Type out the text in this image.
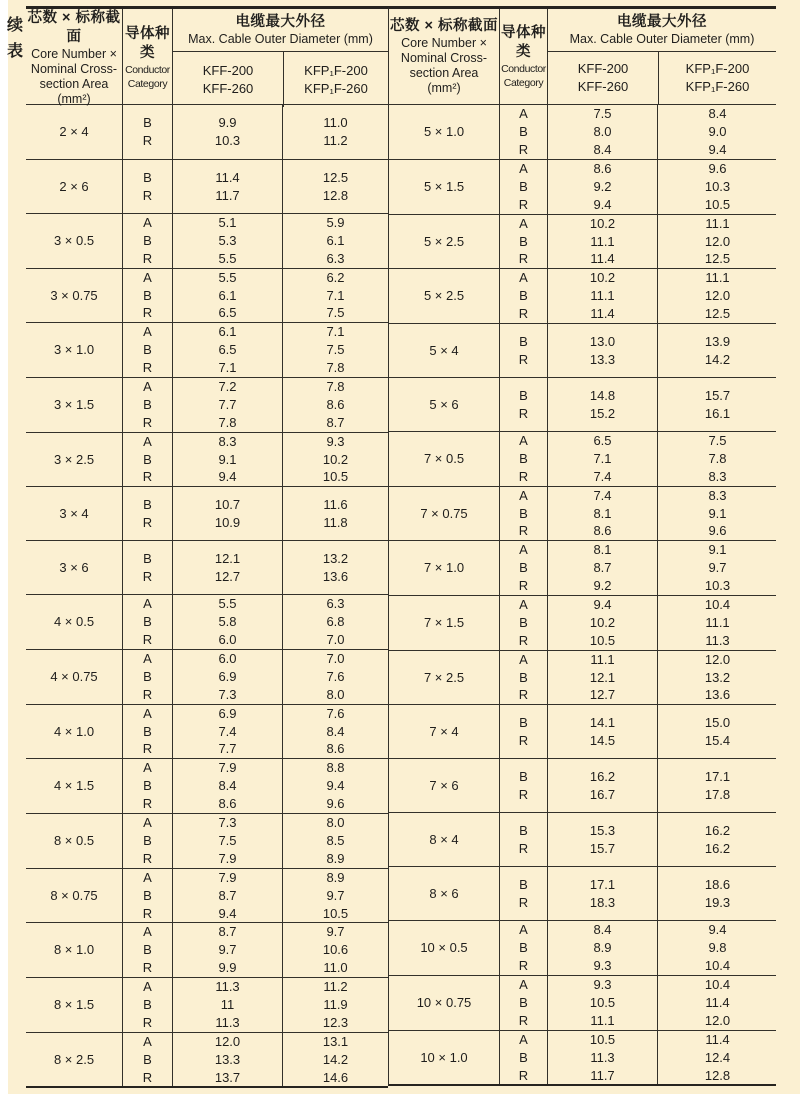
续
表
芯数 × 标称截面
Core Number ×
Nominal Cross-
section Area
(mm²)
导体种
类
Conductor
Category
电缆最大外径
Max. Cable Outer Diameter (mm)
KFF-200
KFF-260
KFP₁F-200
KFP₁F-260
2 × 4
B
R
9.9
10.3
11.0
11.2
2 × 6
B
R
11.4
11.7
12.5
12.8
3 × 0.5
A
B
R
5.1
5.3
5.5
5.9
6.1
6.3
3 × 0.75
A
B
R
5.5
6.1
6.5
6.2
7.1
7.5
3 × 1.0
A
B
R
6.1
6.5
7.1
7.1
7.5
7.8
3 × 1.5
A
B
R
7.2
7.7
7.8
7.8
8.6
8.7
3 × 2.5
A
B
R
8.3
9.1
9.4
9.3
10.2
10.5
3 × 4
B
R
10.7
10.9
11.6
11.8
3 × 6
B
R
12.1
12.7
13.2
13.6
4 × 0.5
A
B
R
5.5
5.8
6.0
6.3
6.8
7.0
4 × 0.75
A
B
R
6.0
6.9
7.3
7.0
7.6
8.0
4 × 1.0
A
B
R
6.9
7.4
7.7
7.6
8.4
8.6
4 × 1.5
A
B
R
7.9
8.4
8.6
8.8
9.4
9.6
8 × 0.5
A
B
R
7.3
7.5
7.9
8.0
8.5
8.9
8 × 0.75
A
B
R
7.9
8.7
9.4
8.9
9.7
10.5
8 × 1.0
A
B
R
8.7
9.7
9.9
9.7
10.6
11.0
8 × 1.5
A
B
R
11.3
11
11.3
11.2
11.9
12.3
8 × 2.5
A
B
R
12.0
13.3
13.7
13.1
14.2
14.6
芯数 × 标称截面
Core Number ×
Nominal Cross-
section Area
(mm²)
导体种
类
Conductor
Category
电缆最大外径
Max. Cable Outer Diameter (mm)
KFF-200
KFF-260
KFP₁F-200
KFP₁F-260
5 × 1.0
A
B
R
7.5
8.0
8.4
8.4
9.0
9.4
5 × 1.5
A
B
R
8.6
9.2
9.4
9.6
10.3
10.5
5 × 2.5
A
B
R
10.2
11.1
11.4
11.1
12.0
12.5
5 × 2.5
A
B
R
10.2
11.1
11.4
11.1
12.0
12.5
5 × 4
B
R
13.0
13.3
13.9
14.2
5 × 6
B
R
14.8
15.2
15.7
16.1
7 × 0.5
A
B
R
6.5
7.1
7.4
7.5
7.8
8.3
7 × 0.75
A
B
R
7.4
8.1
8.6
8.3
9.1
9.6
7 × 1.0
A
B
R
8.1
8.7
9.2
9.1
9.7
10.3
7 × 1.5
A
B
R
9.4
10.2
10.5
10.4
11.1
11.3
7 × 2.5
A
B
R
11.1
12.1
12.7
12.0
13.2
13.6
7 × 4
B
R
14.1
14.5
15.0
15.4
7 × 6
B
R
16.2
16.7
17.1
17.8
8 × 4
B
R
15.3
15.7
16.2
16.2
8 × 6
B
R
17.1
18.3
18.6
19.3
10 × 0.5
A
B
R
8.4
8.9
9.3
9.4
9.8
10.4
10 × 0.75
A
B
R
9.3
10.5
11.1
10.4
11.4
12.0
10 × 1.0
A
B
R
10.5
11.3
11.7
11.4
12.4
12.8
